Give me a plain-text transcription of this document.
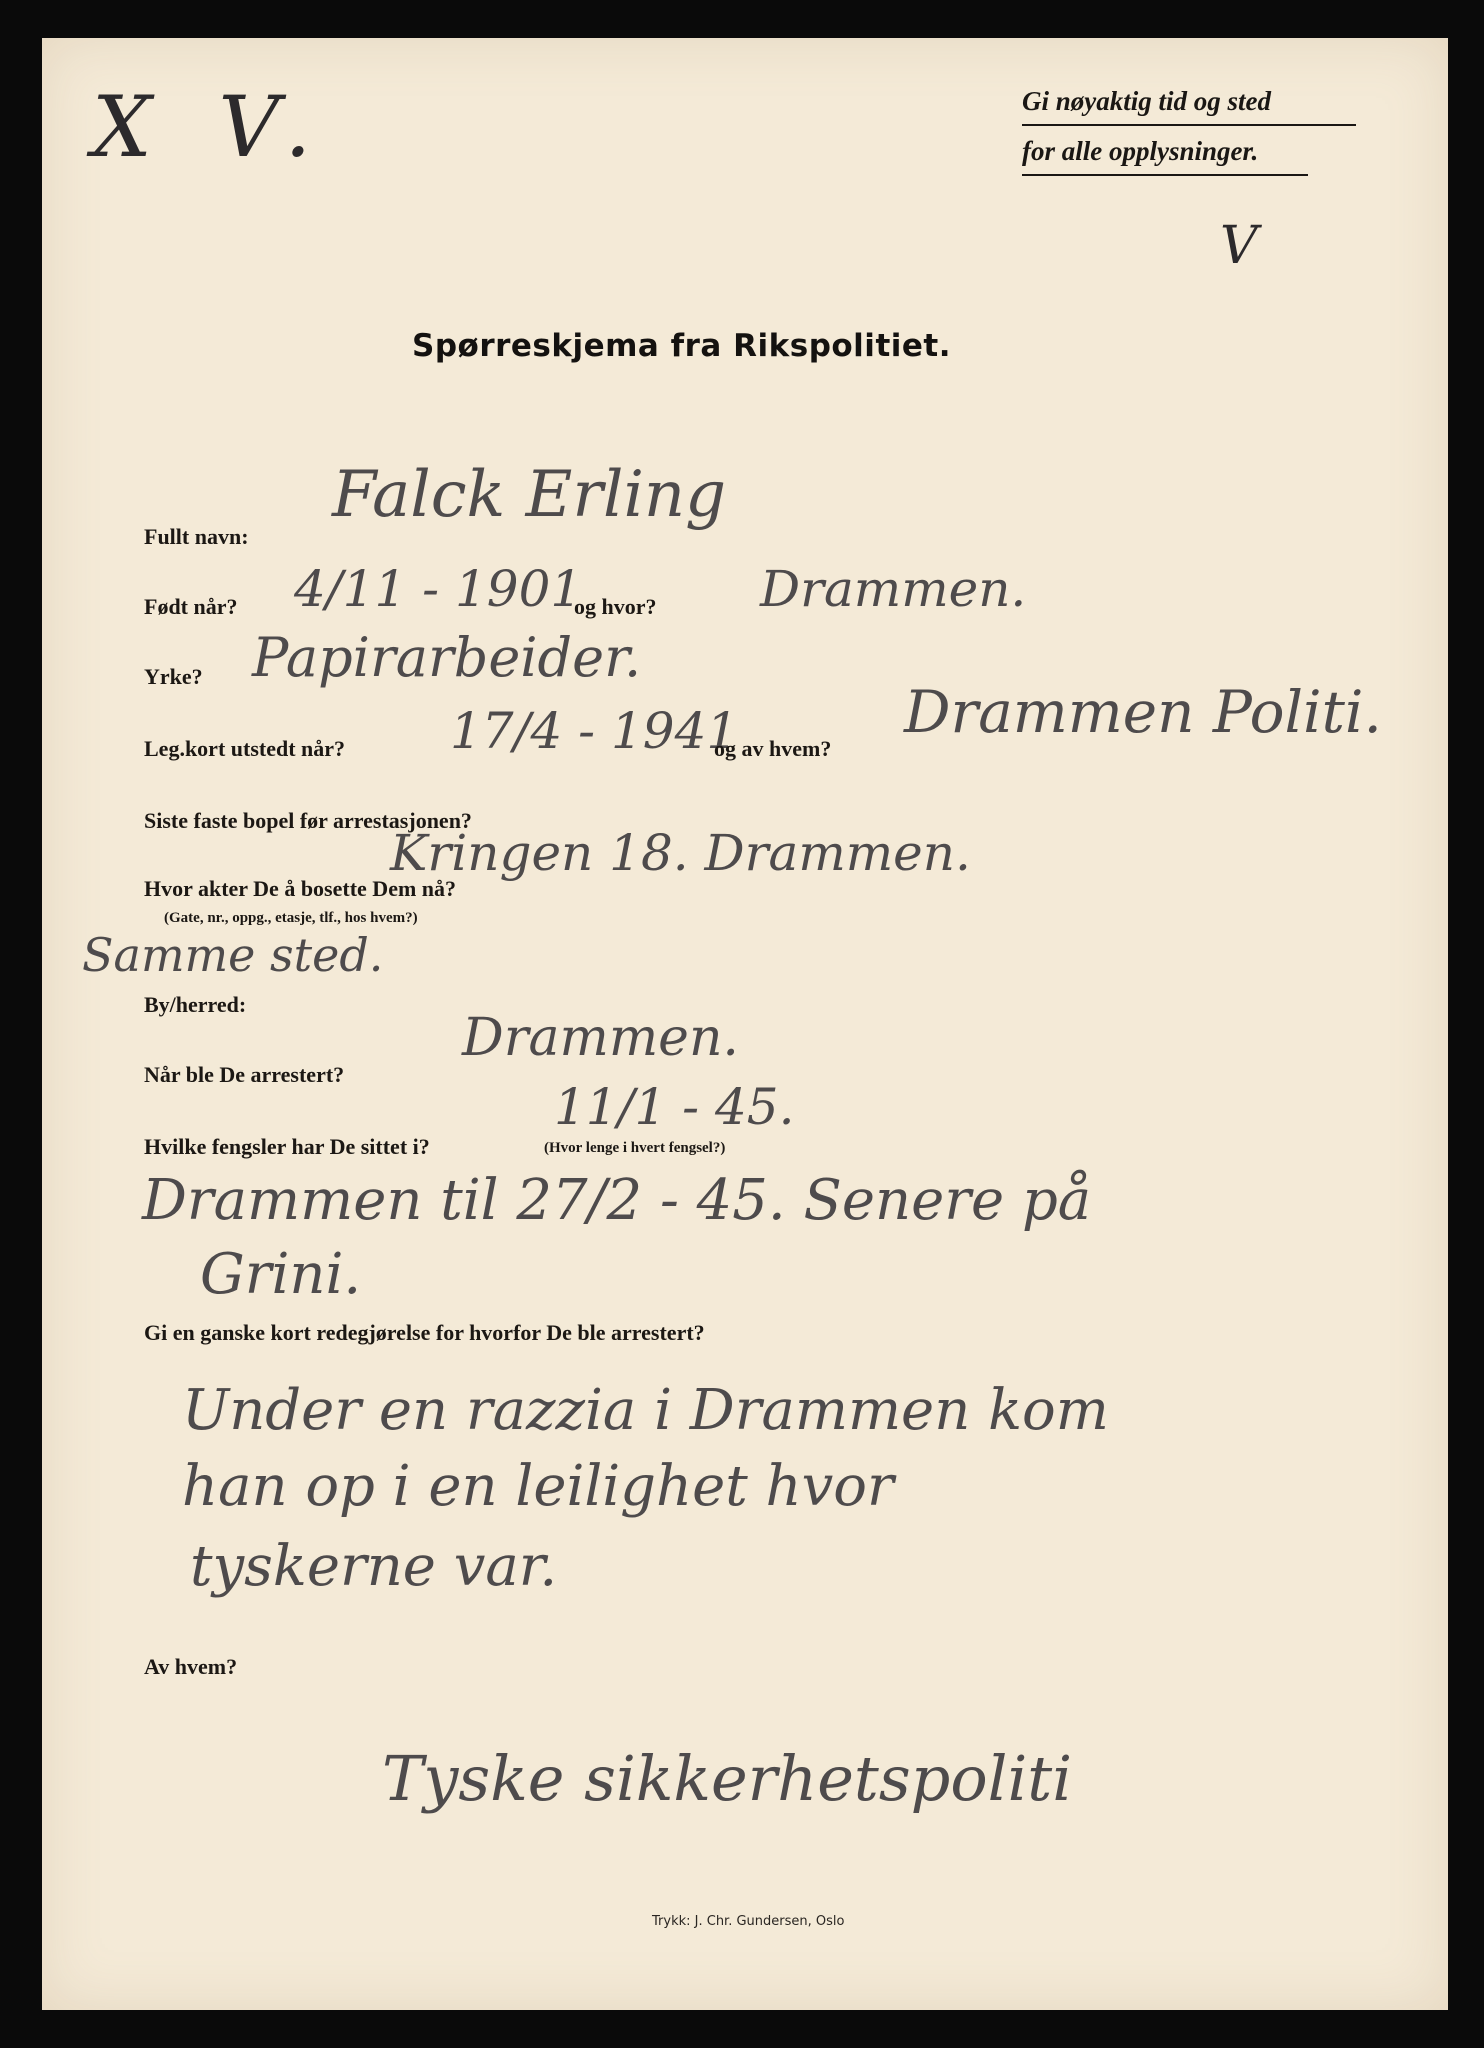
X V.
V
Gi nøyaktig tid og sted
for alle opplysninger.
Spørreskjema fra Rikspolitiet.
Fullt navn:
Falck Erling
Født når? 4/11 - 1901
og hvor? Drammen.
Yrke? Papirarbeider.
Leg.kort utstedt når? 17/4 - 1941
og av hvem?
Drammen Politi.
Siste faste bopel før arrestasjonen?
Kringen 18. Drammen.
Hvor akter De å bosette Dem nå?
(Gate, nr., oppg., etasje, tlf., hos hvem?)
Samme sted.
By/herred:
Drammen.
Når ble De arrestert?
11/1 - 45.
Hvilke fengsler har De sittet i?	(Hvor lenge i hvert fengsel?)
Drammen til 27/2 - 45. Senere på
Grini.
Gi en ganske kort redegjørelse for hvorfor De ble arrestert?
Under en razzia i Drammen kom
han op i en leilighet hvor
tyskerne var.
Av hvem?
Tyske sikkerhetspoliti
Trykk: J. Chr. Gundersen, Oslo
